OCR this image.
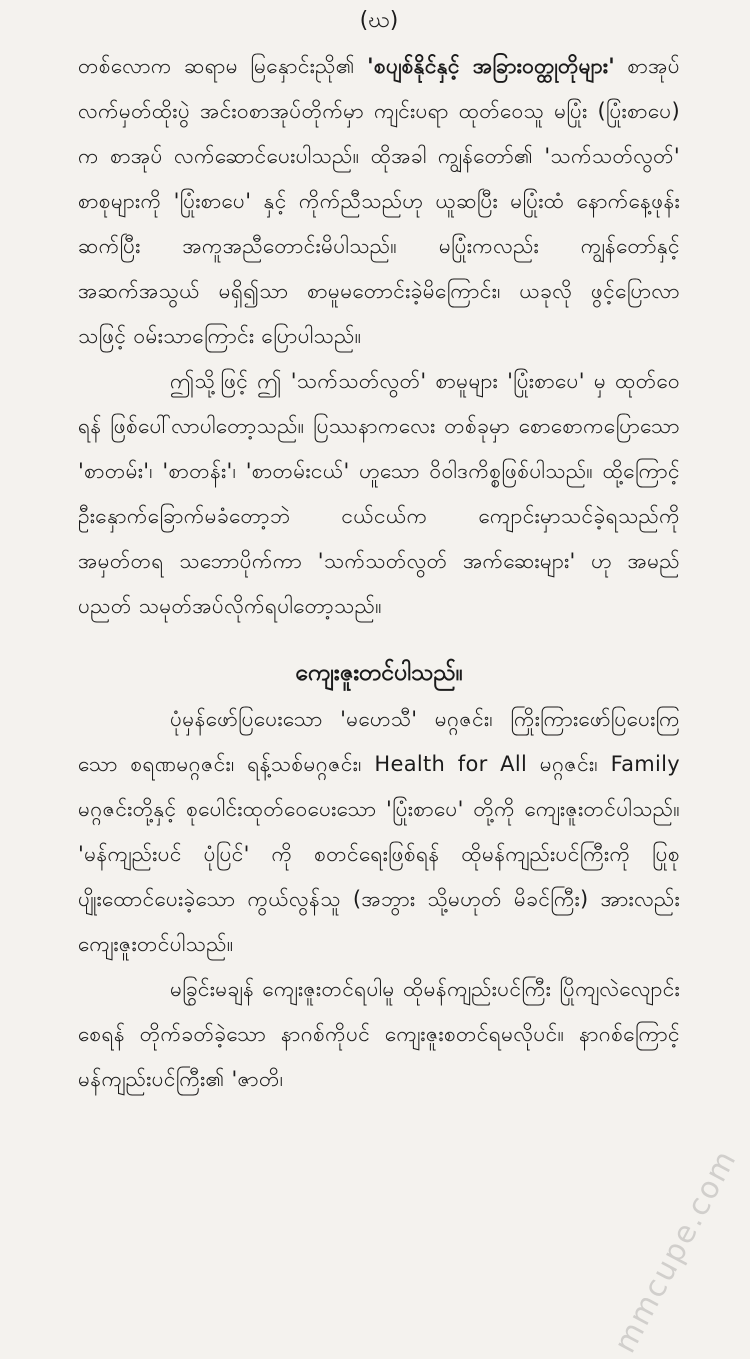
(ဃ)

တစ်လောက ဆရာမ မြနှောင်းညို၏ 'စပျစ်နိုင်နှင့် အခြားဝတ္ထုတိုများ' စာအုပ်လက်မှတ်ထိုးပွဲ အင်းဝစာအုပ်တိုက်မှာ ကျင်းပရာ ထုတ်ဝေသူ မပြုံး (ပြုံးစာပေ) က စာအုပ် လက်ဆောင်ပေးပါသည်။ ထိုအခါ ကျွန်တော်၏ 'သက်သတ်လွတ်' စာစုများကို 'ပြုံးစာပေ' နှင့် ကိုက်ညီသည်ဟု ယူဆပြီး မပြုံးထံ နောက်နေ့ဖုန်းဆက်ပြီး အကူအညီတောင်းမိပါသည်။ မပြုံးကလည်း ကျွန်တော်နှင့်အဆက်အသွယ် မရှိ၍သာ စာမူမတောင်းခဲ့မိကြောင်း၊ ယခုလို ဖွင့်ပြောလာသဖြင့် ဝမ်းသာကြောင်း ပြောပါသည်။

ဤသို့ဖြင့် ဤ 'သက်သတ်လွတ်' စာမူများ 'ပြုံးစာပေ' မှ ထုတ်ဝေရန် ဖြစ်ပေါ်လာပါတော့သည်။ ပြဿနာကလေး တစ်ခုမှာ စောစောကပြောသော 'စာတမ်း'၊ 'စာတန်း'၊ 'စာတမ်းငယ်' ဟူသော ဝိဝါဒကိစ္စဖြစ်ပါသည်။ ထို့ကြောင့် ဦးနှောက်ခြောက်မခံတော့ဘဲ ငယ်ငယ်က ကျောင်းမှာသင်ခဲ့ရသည်ကို အမှတ်တရ သဘောပိုက်ကာ 'သက်သတ်လွတ် အက်ဆေးများ' ဟု အမည်ပညတ် သမုတ်အပ်လိုက်ရပါတော့သည်။

ကျေးဇူးတင်ပါသည်။

ပုံမှန်ဖော်ပြပေးသော 'မဟေသီ' မဂ္ဂဇင်း၊ ကြိုးကြားဖော်ပြပေးကြသော စရဏမဂ္ဂဇင်း၊ ရန့်သစ်မဂ္ဂဇင်း၊ Health for All မဂ္ဂဇင်း၊ Family မဂ္ဂဇင်းတို့နှင့် စုပေါင်းထုတ်ဝေပေးသော 'ပြုံးစာပေ' တို့ကို ကျေးဇူးတင်ပါသည်။ 'မန်ကျည်းပင် ပုံပြင်' ကို စတင်ရေးဖြစ်ရန် ထိုမန်ကျည်းပင်ကြီးကို ပြုစုပျိုးထောင်ပေးခဲ့သော ကွယ်လွန်သူ (အဘွား သို့မဟုတ် မိခင်ကြီး) အားလည်း ကျေးဇူးတင်ပါသည်။

မခြွင်းမချန် ကျေးဇူးတင်ရပါမူ ထိုမန်ကျည်းပင်ကြီး ပြိုကျလဲလျောင်းစေရန် တိုက်ခတ်ခဲ့သော နာဂစ်ကိုပင် ကျေးဇူးစတင်ရမလိုပင်။ နာဂစ်ကြောင့် မန်ကျည်းပင်ကြီး၏ 'ဇာတိ၊

mmcupe.com
